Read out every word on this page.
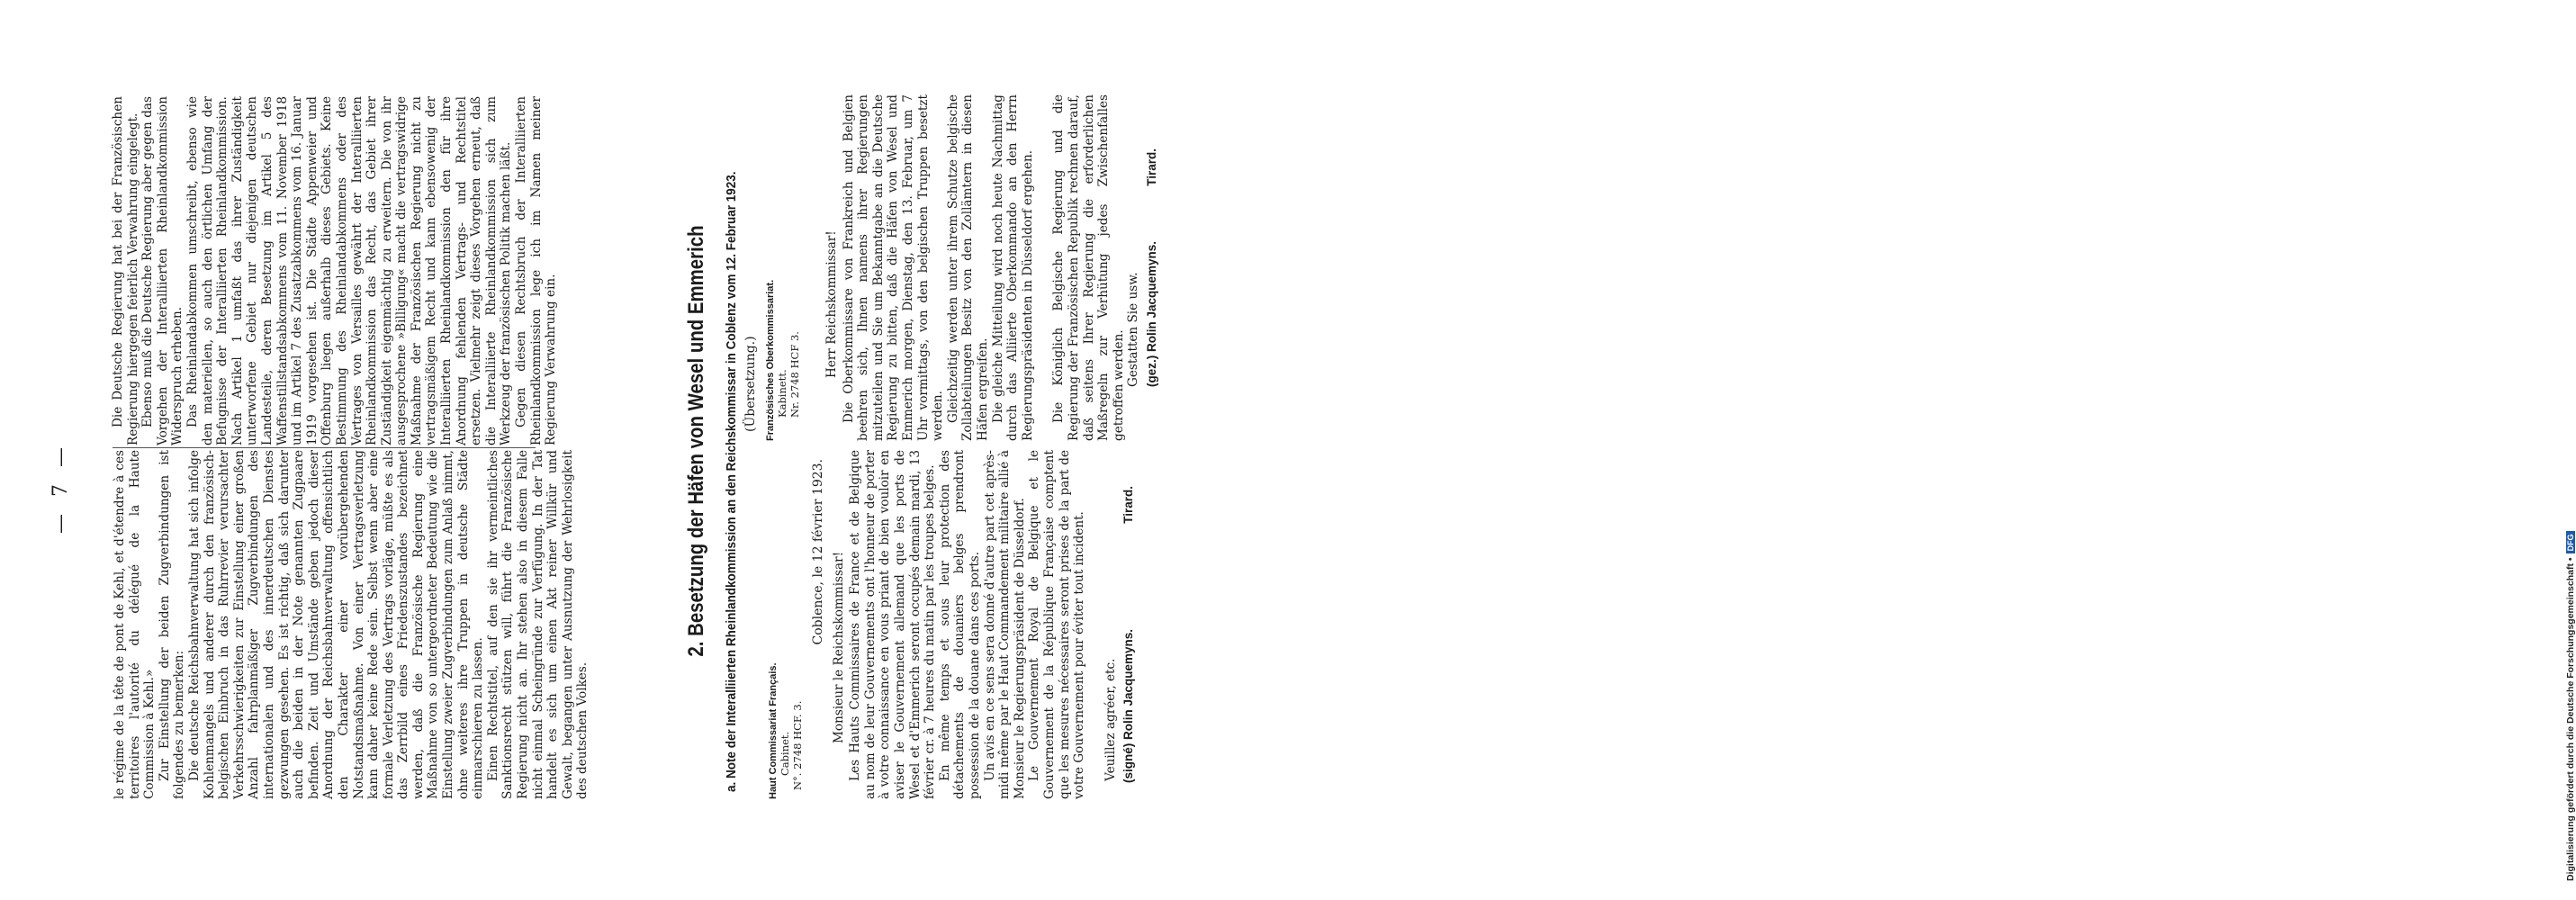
— 7 —	le régime de la tête de pont de Kehl, et d'étendre à ces territoires l'autorité du délégué de la Haute Commission à Kehl.» Zur Einstellung der beiden Zugverbindungen ist folgendes zu bemerken: Die deutsche Reichsbahnverwaltung hat sich infolge Kohlenmangels und anderer durch den französisch-belgischen Einbruch in das Ruhrrevier verursachter Verkehrsschwierigkeiten zur Einstellung einer großen Anzahl fahrplanmäßiger Zugverbindungen des internationalen und des innerdeutschen Dienstes gezwungen gesehen. Es ist richtig, daß sich darunter auch die beiden in der Note genannten Zugpaare befinden. Zeit und Umstände geben jedoch dieser Anordnung der Reichsbahnverwaltung offensichtlich den Charakter einer vorübergehenden Notstandsmaßnahme. Von einer Vertragsverletzung kann daher keine Rede sein. Selbst wenn aber eine formale Verletzung des Vertrags vorläge, müßte es als das Zerrbild eines Friedenszustandes bezeichnet werden, daß die Französische Regierung eine Maßnahme von so untergeordneter Bedeutung wie die Einstellung zweier Zugverbindungen zum Anlaß nimmt, ohne weiteres ihre Truppen in deutsche Städte einmarschieren zu lassen. Einen Rechtstitel, auf den sie ihr vermeintliches Sanktionsrecht stützen will, führt die Französische Regierung nicht an. Ihr stehen also in diesem Falle nicht einmal Scheingründe zur Verfügung. In der Tat handelt es sich um einen Akt reiner Willkür und Gewalt, begangen unter Ausnutzung der Wehrlosigkeit des deutschen Volkes.

Die Deutsche Regierung hat bei der Französischen Regierung hiergegen feierlich Verwahrung eingelegt. Ebenso muß die Deutsche Regierung aber gegen das Vorgehen der Interalliierten Rheinlandkommission Widerspruch erheben. Das Rheinlandabkommen umschreibt, ebenso wie den materiellen, so auch den örtlichen Umfang der Befugnisse der Interalliierten Rheinlandkommission. Nach Artikel 1 umfaßt das ihrer Zuständigkeit unterworfene Gebiet nur diejenigen deutschen Landesteile, deren Besetzung im Artikel 5 des Waffenstillstandsabkommens vom 11. November 1918 und im Artikel 7 des Zusatzabkommens vom 16. Januar 1919 vorgesehen ist. Die Städte Appenweier und Offenburg liegen außerhalb dieses Gebiets. Keine Bestimmung des Rheinlandabkommens oder des Vertrages von Versailles gewährt der Interalliierten Rheinlandkommission das Recht, das Gebiet ihrer Zuständigkeit eigenmächtig zu erweitern. Die von ihr ausgesprochene »Billigung« macht die vertragswidrige Maßnahme der Französischen Regierung nicht zu vertragsmäßigem Recht und kann ebensowenig der Interalliierten Rheinlandkommission den für ihre Anordnung fehlenden Vertrags- und Rechtstitel ersetzen. Vielmehr zeigt dieses Vorgehen erneut, daß die Interalliierte Rheinlandkommission sich zum Werkzeug der französischen Politik machen läßt. Gegen diesen Rechtsbruch der Interalliierten Rheinlandkommission lege ich im Namen meiner Regierung Verwahrung ein.	2. Besetzung der Häfen von Wesel und Emmerich a. Note der Interalliierten Rheinlandkommission an den Reichskommissar in Coblenz vom 12. Februar 1923. (Übersetzung.)
Haut Commissariat Français. Cabinet. N°. 2748 HCF. 3.
Coblence, le 12 février 1923. Monsieur le Reichskommissar! Les Hauts Commissaires de France et de Belgique au nom de leur Gouvernements ont l'honneur de porter à votre connaissance en vous priant de bien vouloir en aviser le Gouvernement allemand que les ports de Wesel et d'Emmerich seront occupés demain mardi, 13 février cr. à 7 heures du matin par les troupes belges. En même temps et sous leur protection des détachements de douaniers belges prendront possession de la douane dans ces ports. Un avis en ce sens sera donné d'autre part cet après-midi même par le Haut Commandement militaire allié à Monsieur le Regierungspräsident de Düsseldorf. Le Gouvernement Royal de Belgique et le Gouvernement de la République Française comptent que les mesures nécessaires seront prises de la part de votre Gouvernement pour éviter tout incident. Veuillez agréer, etc. (signé) Rolin Jacquemyns.
Tirard.
Französisches Oberkommissariat. Kabinett. Nr. 2748 HCF 3. Herr Reichskommissar! Die Oberkommissare von Frankreich und Belgien beehren sich, Ihnen namens ihrer Regierungen mitzuteilen und Sie um Bekanntgabe an die Deutsche Regierung zu bitten, daß die Häfen von Wesel und Emmerich morgen, Dienstag, den 13. Februar, um 7 Uhr vormittags, von den belgischen Truppen besetzt werden. Gleichzeitig werden unter ihrem Schutze belgische Zollabteilungen Besitz von den Zollämtern in diesen Häfen ergreifen. Die gleiche Mitteilung wird noch heute Nachmittag durch das Alliierte Oberkommando an den Herrn Regierungspräsidenten in Düsseldorf ergehen. Die Königlich Belgische Regierung und die Regierung der Französischen Republik rechnen darauf, daß seitens Ihrer Regierung die erforderlichen Maßregeln zur Verhütung jedes Zwischenfalles getroffen werden. Gestatten Sie usw. (gez.) Rolin Jacquemyns.
Tirard.
Digitalisierung gefördert durch die Deutsche Forschungsgemeinschaft •DFG
